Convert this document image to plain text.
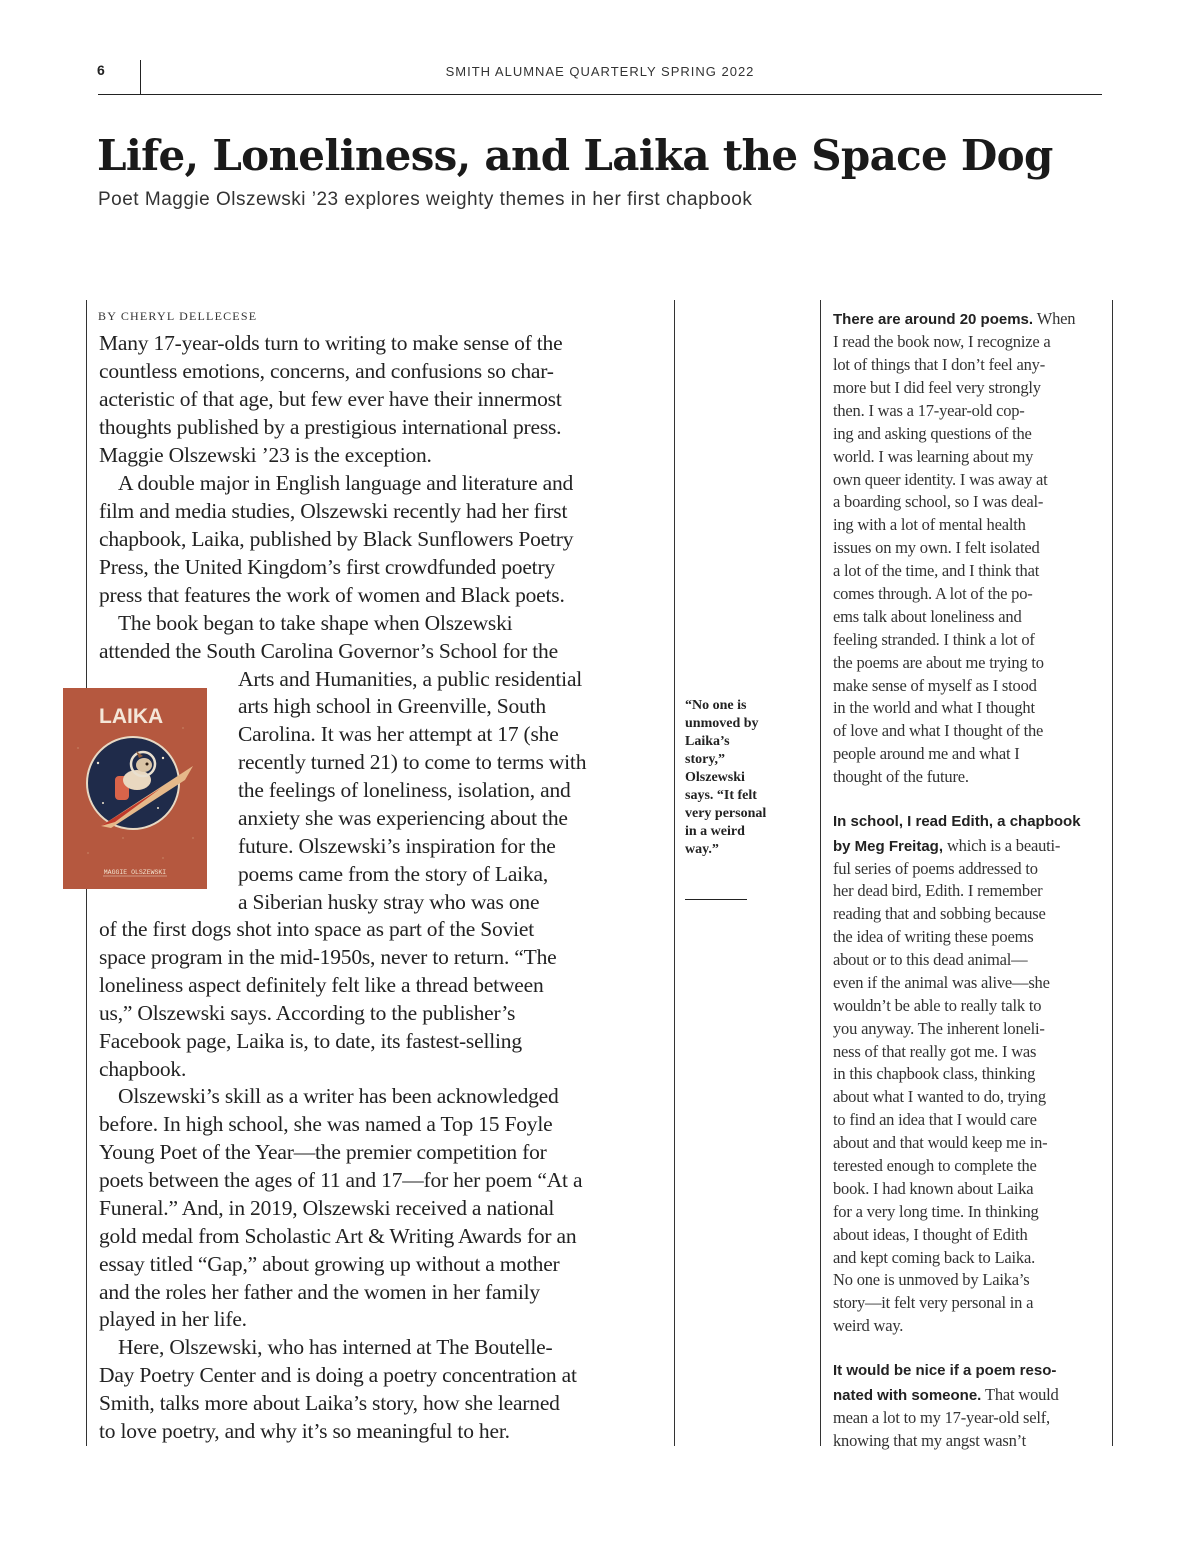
6	SMITH ALUMNAE QUARTERLY SPRING 2022
Life, Loneliness, and Laika the Space Dog
Poet Maggie Olszewski ’23 explores weighty themes in her first chapbook
BY CHERYL DELLECESE
Many 17-year-olds turn to writing to make sense of the
countless emotions, concerns, and confusions so char-
acteristic of that age, but few ever have their innermost
thoughts published by a prestigious international press.
Maggie Olszewski ’23 is the exception.
A double major in English language and literature and
film and media studies, Olszewski recently had her first
chapbook, Laika, published by Black Sunflowers Poetry
Press, the United Kingdom’s first crowdfunded poetry
press that features the work of women and Black poets.
The book began to take shape when Olszewski
attended the South Carolina Governor’s School for the
Arts and Humanities, a public residential
arts high school in Greenville, South
Carolina. It was her attempt at 17 (she
recently turned 21) to come to terms with
the feelings of loneliness, isolation, and
anxiety she was experiencing about the
future. Olszewski’s inspiration for the
poems came from the story of Laika,
a Siberian husky stray who was one
of the first dogs shot into space as part of the Soviet
space program in the mid-1950s, never to return. “The
loneliness aspect definitely felt like a thread between
us,” Olszewski says. According to the publisher’s
Facebook page, Laika is, to date, its fastest-selling
chapbook.
Olszewski’s skill as a writer has been acknowledged
before. In high school, she was named a Top 15 Foyle
Young Poet of the Year—the premier competition for
poets between the ages of 11 and 17—for her poem “At a
Funeral.” And, in 2019, Olszewski received a national
gold medal from Scholastic Art & Writing Awards for an
essay titled “Gap,” about growing up without a mother
and the roles her father and the women in her family
played in her life.
Here, Olszewski, who has interned at The Boutelle-
Day Poetry Center and is doing a poetry concentration at
Smith, talks more about Laika’s story, how she learned
to love poetry, and why it’s so meaningful to her.
LAIKA
MAGGIE OLSZEWSKI

“No one is unmoved by Laika’s story,” Olszewski says. “It felt very personal in a weird way.”

There are around 20 poems. When
I read the book now, I recognize a
lot of things that I don’t feel any-
more but I did feel very strongly
then. I was a 17-year-old cop-
ing and asking questions of the
world. I was learning about my
own queer identity. I was away at
a boarding school, so I was deal-
ing with a lot of mental health
issues on my own. I felt isolated
a lot of the time, and I think that
comes through. A lot of the po-
ems talk about loneliness and
feeling stranded. I think a lot of
the poems are about me trying to
make sense of myself as I stood
in the world and what I thought
of love and what I thought of the
people around me and what I
thought of the future.
In school, I read Edith, a chapbook
by Meg Freitag, which is a beauti-
ful series of poems addressed to
her dead bird, Edith. I remember
reading that and sobbing because
the idea of writing these poems
about or to this dead animal—
even if the animal was alive—she
wouldn’t be able to really talk to
you anyway. The inherent loneli-
ness of that really got me. I was
in this chapbook class, thinking
about what I wanted to do, trying
to find an idea that I would care
about and that would keep me in-
terested enough to complete the
book. I had known about Laika
for a very long time. In thinking
about ideas, I thought of Edith
and kept coming back to Laika.
No one is unmoved by Laika’s
story—it felt very personal in a
weird way.
It would be nice if a poem reso-
nated with someone. That would
mean a lot to my 17-year-old self,
knowing that my angst wasn’t
